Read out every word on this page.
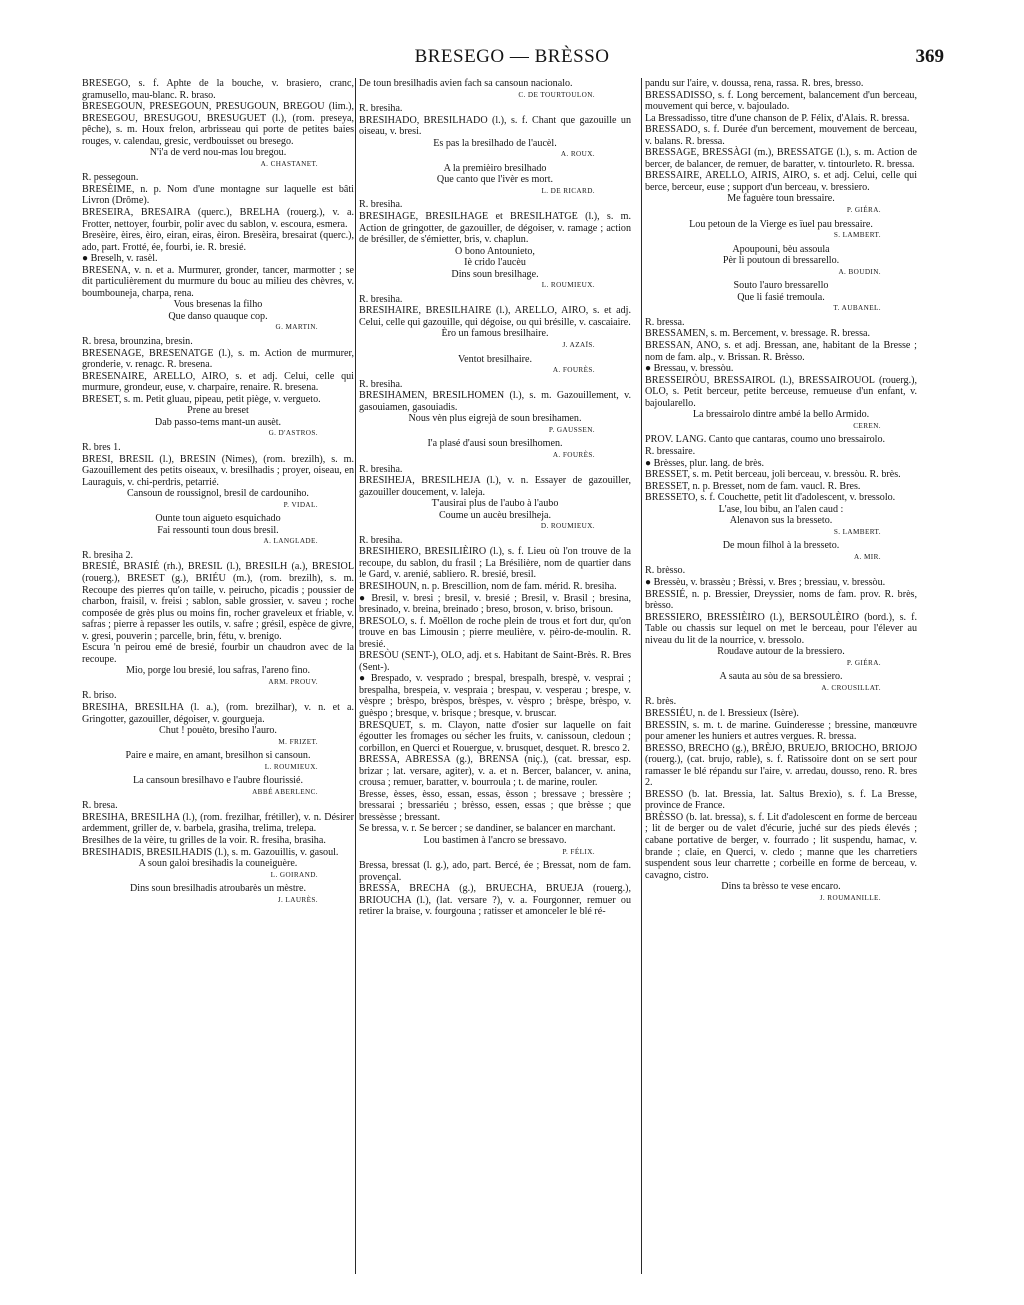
BRESEGO — BRÈSSO	369

BRESEGO, s. f. Aphte de la bouche, v. brasiero, cranc, gramusello, mau-blanc. R. braso.

BRESEGOUN, PRESEGOUN, PRESUGOUN, BREGOU (lim.), BRESEGOU, BRESUGOU, BRESUGUET (l.), (rom. preseya, pêche), s. m. Houx frelon, arbrisseau qui porte de petites baies rouges, v. calendau, gresic, verdbouisset ou bresego.

N'i'a de verd nou-mas lou bregou.

A. CHASTANET.

R. pessegoun.

BRESÈIME, n. p. Nom d'une montagne sur laquelle est bâti Livron (Drôme).

BRESEIRA, BRESAIRA (querc.), BRELHA (rouerg.), v. a. Frotter, nettoyer, fourbir, polir avec du sablon, v. escoura, esmera.

Bresèire, èires, èiro, eiran, eiras, èiron. Bresèira, bresairat (querc.), ado, part. Frotté, ée, fourbi, ie. R. bresié.

● Breselh, v. rasèl.

BRESENA, v. n. et a. Murmurer, gronder, tancer, marmotter ; se dit particulièrement du murmure du bouc au milieu des chèvres, v. boumbouneja, charpa, rena.

Vous bresenas la filho

Que danso quauque cop.

G. MARTIN.

R. bresa, brounzina, bresin.

BRESENAGE, BRESENATGE (l.), s. m. Action de murmurer, gronderie, v. renagc. R. bresena.

BRESENAIRE, ARELLO, AIRO, s. et adj. Celui, celle qui murmure, grondeur, euse, v. charpaire, renaire. R. bresena.

BRESET, s. m. Petit gluau, pipeau, petit piège, v. vergueto.

Prene au breset

Dab passo-tems mant-un ausèt.

G. D'ASTROS.

R. bres 1.

BRESI, BRESIL (l.), BRESIN (Nimes), (rom. brezilh), s. m. Gazouillement des petits oiseaux, v. bresilhadis ; proyer, oiseau, en Lauraguis, v. chi-perdris, petarrié.

Cansoun de roussignol, bresil de cardouniho.

P. VIDAL.

Ounte toun aigueto esquichado

Fai ressounti toun dous bresil.

A. LANGLADE.

R. bresiha 2.

BRESIÉ, BRASIÉ (rh.), BRESIL (l.), BRESILH (a.), BRESIOL (rouerg.), BRESET (g.), BRIÉU (m.), (rom. brezilh), s. m. Recoupe des pierres qu'on taille, v. peirucho, picadis ; poussier de charbon, fraisil, v. freisi ; sablon, sable grossier, v. saveu ; roche composée de grès plus ou moins fin, rocher graveleux et friable, v. safras ; pierre à repasser les outils, v. safre ; grésil, espèce de givre, v. gresi, pouverin ; parcelle, brin, fétu, v. brenigo.

Escura 'n peirou emé de bresié, fourbir un chaudron avec de la recoupe.

Mio, porge lou bresié, lou safras, l'areno fino.

ARM. PROUV.

R. briso.

BRESIHA, BRESILHA (l. a.), (rom. brezilhar), v. n. et a. Gringotter, gazouiller, dégoiser, v. gourgueja.

Chut ! pouèto, bresiho l'auro.

M. FRIZET.

Paire e maire, en amant, bresilhon si cansoun.

L. ROUMIEUX.

La cansoun bresilhavo e l'aubre flourissié.

ABBÉ ABERLENC.

R. bresa.

BRESIHA, BRESILHA (l.), (rom. frezilhar, frétiller), v. n. Désirer ardemment, griller de, v. barbela, grasiha, trelima, trelepa.

Bresilhes de la vèire, tu grilles de la voir. R. fresiha, brasiha.

BRESIHADIS, BRESILHADIS (l.), s. m. Gazouillis, v. gasoul.

A soun galoi bresihadis la couneiguère.

L. GOIRAND.

Dins soun bresilhadis atroubarès un mèstre.

J. LAURÈS.

De toun bresilhadis avien fach sa cansoun nacionalo.

C. DE TOURTOULON.

R. bresiha.

BRESIHADO, BRESILHADO (l.), s. f. Chant que gazouille un oiseau, v. bresi.

Es pas la bresilhado de l'aucèl.

A. ROUX.

A la premièiro bresilhado

Que canto que l'ivèr es mort.

L. DE RICARD.

R. bresiha.

BRESIHAGE, BRESILHAGE et BRESILHATGE (l.), s. m. Action de gringotter, de gazouiller, de dégoiser, v. ramage ; action de brésiller, de s'émietter, bris, v. chaplun.

O bono Antounieto,

Iè crido l'aucèu

Dins soun bresilhage.

L. ROUMIEUX.

R. bresiha.

BRESIHAIRE, BRESILHAIRE (l.), ARELLO, AIRO, s. et adj. Celui, celle qui gazouille, qui dégoise, ou qui brésille, v. cascaiaire.

Èro un famous bresilhaire.

J. AZAÏS.

Ventot bresilhaire.

A. FOURÈS.

R. bresiha.

BRESIHAMEN, BRESILHOMEN (l.), s. m. Gazouillement, v. gasouiamen, gasouiadis.

Nous vèn plus eigrejà de soun bresihamen.

P. GAUSSEN.

I'a plasé d'ausi soun bresilhomen.

A. FOURÈS.

R. bresiha.

BRESIHEJA, BRESILHEJA (l.), v. n. Essayer de gazouiller, gazouiller doucement, v. laleja.

T'ausirai plus de l'aubo à l'aubo

Coume un aucèu bresilheja.

D. ROUMIEUX.

R. bresiha.

BRESIHIERO, BRESILIÈIRO (l.), s. f. Lieu où l'on trouve de la recoupe, du sablon, du frasil ; La Brésilière, nom de quartier dans le Gard, v. arenié, sabliero. R. bresié, bresil.

BRESIHOUN, n. p. Brescillion, nom de fam. mérid. R. bresiha.

● Bresil, v. bresi ; bresil, v. bresié ; Bresil, v. Brasil ; bresina, bresinado, v. breina, breinado ; breso, broson, v. briso, brisoun.

BRESOLO, s. f. Moëllon de roche plein de trous et fort dur, qu'on trouve en bas Limousin ; pierre meulière, v. pèiro-de-moulin. R. bresié.

BRESÒU (SENT-), OLO, adj. et s. Habitant de Saint-Brès. R. Bres (Sent-).

● Brespado, v. vesprado ; brespal, brespalh, brespè, v. vesprai ; brespalha, brespeia, v. vespraia ; brespau, v. vesperau ; brespe, v. vèspre ; brèspo, brèspos, brèspes, v. vèspro ; brèspe, brèspo, v. guèspo ; bresque, v. brisque ; bresque, v. bruscar.

BRESQUET, s. m. Clayon, natte d'osier sur laquelle on fait égoutter les fromages ou sécher les fruits, v. canissoun, cledoun ; corbillon, en Querci et Rouergue, v. brusquet, desquet. R. bresco 2.

BRESSA, ABRESSA (g.), BRENSA (niç.), (cat. bressar, esp. brizar ; lat. versare, agiter), v. a. et n. Bercer, balancer, v. anina, crousa ; remuer, baratter, v. bourroula ; t. de marine, rouler.

Bresse, èsses, èsso, essan, essas, èsson ; bressave ; bressère ; bressarai ; bressariéu ; brèsso, essen, essas ; que brèsse ; que bressèsse ; bressant.

Se bressa, v. r. Se bercer ; se dandiner, se balancer en marchant.

Lou bastimen à l'ancro se bressavo.

P. FÉLIX.

Bressa, bressat (l. g.), ado, part. Bercé, ée ; Bressat, nom de fam. provençal.

BRESSA, BRECHA (g.), BRUECHA, BRUEJA (rouerg.), BRIOUCHA (l.), (lat. versare ?), v. a. Fourgonner, remuer ou retirer la braise, v. fourgouna ; ratisser et amonceler le blé ré-

pandu sur l'aire, v. doussa, rena, rassa. R. bres, bresso.

BRESSADISSO, s. f. Long bercement, balancement d'un berceau, mouvement qui berce, v. bajoulado.

La Bressadisso, titre d'une chanson de P. Félix, d'Alais. R. bressa.

BRESSADO, s. f. Durée d'un bercement, mouvement de berceau, v. balans. R. bressa.

BRESSAGE, BRESSÀGI (m.), BRESSATGE (l.), s. m. Action de bercer, de balancer, de remuer, de baratter, v. tintourleto. R. bressa.

BRESSAIRE, ARELLO, AIRIS, AIRO, s. et adj. Celui, celle qui berce, berceur, euse ; support d'un berceau, v. bressiero.

Me faguère toun bressaire.

P. GIÉRA.

Lou petoun de la Vierge es ïuel pau bressaire.

S. LAMBERT.

Apoupouni, bèu assoula

Pèr li poutoun di bressarello.

A. BOUDIN.

Souto l'auro bressarello

Que li fasié tremoula.

T. AUBANEL.

R. bressa.

BRESSAMEN, s. m. Bercement, v. bressage. R. bressa.

BRESSAN, ANO, s. et adj. Bressan, ane, habitant de la Bresse ; nom de fam. alp., v. Brissan. R. Brèsso.

● Bressau, v. bressòu.

BRESSEIRÒU, BRESSAIROL (l.), BRESSAIROUOL (rouerg.), OLO, s. Petit berceur, petite berceuse, remueuse d'un enfant, v. bajoularello.

La bressairolo dintre ambé la bello Armido.

CEREN.

PROV. LANG. Canto que cantaras, coumo uno bressairolo.

R. bressaire.

● Brèsses, plur. lang. de brès.

BRESSET, s. m. Petit berceau, joli berceau, v. bressòu. R. brès.

BRESSET, n. p. Bresset, nom de fam. vaucl. R. Bres.

BRESSETO, s. f. Couchette, petit lit d'adolescent, v. bressolo.

L'ase, lou bibu, an l'alen caud :

Alenavon sus la bresseto.

S. LAMBERT.

De moun filhol à la bresseto.

A. MIR.

R. brèsso.

● Bressèu, v. brassèu ; Brèssi, v. Bres ; bressiau, v. bressòu.

BRESSIÉ, n. p. Bressier, Dreyssier, noms de fam. prov. R. brès, brèsso.

BRESSIERO, BRESSIÈIRO (l.), BERSOULÈIRO (bord.), s. f. Table ou chassis sur lequel on met le berceau, pour l'élever au niveau du lit de la nourrice, v. bressolo.

Roudave autour de la bressiero.

P. GIÉRA.

A sauta au sòu de sa bressiero.

A. CROUSILLAT.

R. brès.

BRESSIÉU, n. de l. Bressieux (Isère).

BRESSIN, s. m. t. de marine. Guinderesse ; bressine, manœuvre pour amener les huniers et autres vergues. R. bressa.

BRESSO, BRECHO (g.), BRÈJO, BRUEJO, BRIOCHO, BRIOJO (rouerg.), (cat. brujo, rable), s. f. Ratissoire dont on se sert pour ramasser le blé répandu sur l'aire, v. arredau, dousso, reno. R. bres 2.

BRESSO (b. lat. Bressia, lat. Saltus Brexio), s. f. La Bresse, province de France.

BRÈSSO (b. lat. bressa), s. f. Lit d'adolescent en forme de berceau ; lit de berger ou de valet d'écurie, juché sur des pieds élevés ; cabane portative de berger, v. fourrado ; lit suspendu, hamac, v. brande ; claie, en Querci, v. cledo ; manne que les charretiers suspendent sous leur charrette ; corbeille en forme de berceau, v. cavagno, cistro.

Dins ta brèsso te vese encaro.

J. ROUMANILLE.
